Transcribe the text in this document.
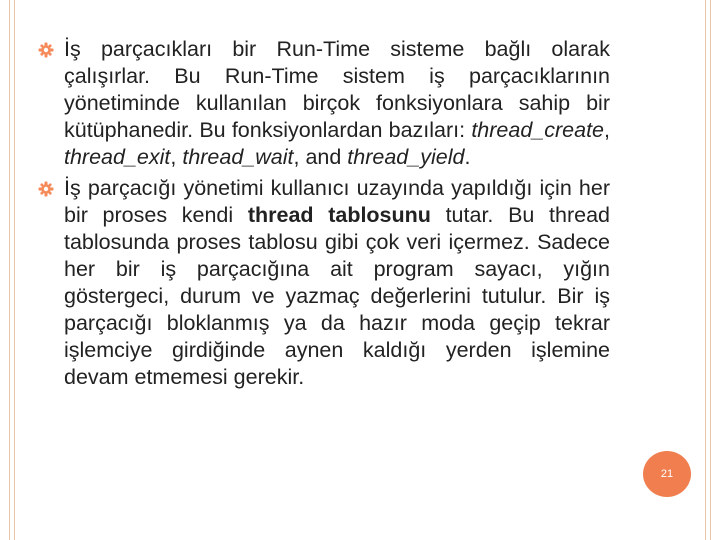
İş parçacıkları bir Run-Time sisteme bağlı olarak çalışırlar. Bu Run-Time sistem iş parçacıklarının yönetiminde kullanılan birçok fonksiyonlara sahip bir kütüphanedir. Bu fonksiyonlardan bazıları: thread_create, thread_exit, thread_wait, and thread_yield.
İş parçacığı yönetimi kullanıcı uzayında yapıldığı için her bir proses kendi thread tablosunu tutar. Bu thread tablosunda proses tablosu gibi çok veri içermez. Sadece her bir iş parçacığına ait program sayacı, yığın göstergeci, durum ve yazmaç değerlerini tutulur. Bir iş parçacığı bloklanmış ya da hazır moda geçip tekrar işlemciye girdiğinde aynen kaldığı yerden işlemine devam etmemesi gerekir.
21
